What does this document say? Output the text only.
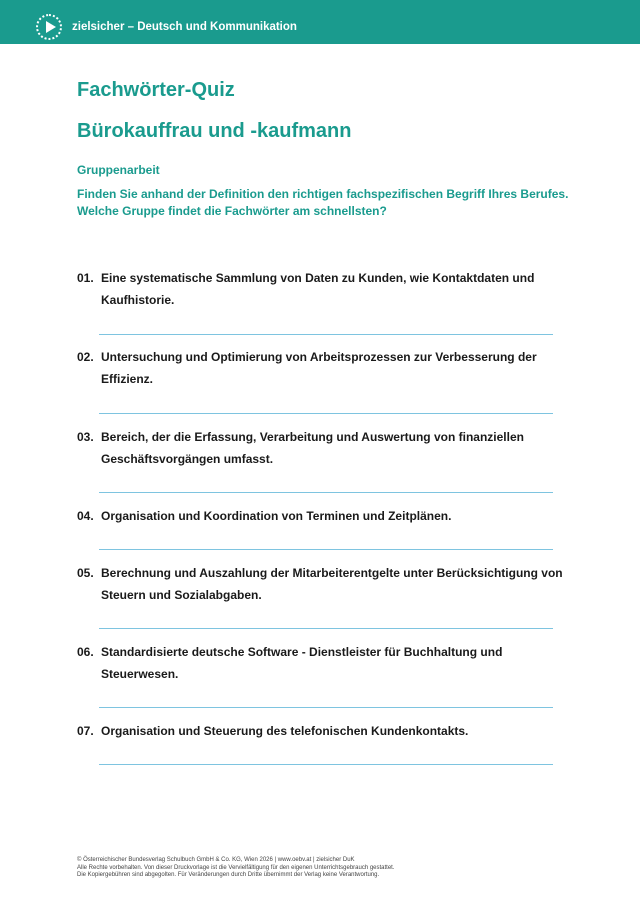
zielsicher – Deutsch und Kommunikation
Fachwörter-Quiz
Bürokauffrau und -kaufmann
Gruppenarbeit
Finden Sie anhand der Definition den richtigen fachspezifischen Begriff Ihres Berufes. Welche Gruppe findet die Fachwörter am schnellsten?
01. Eine systematische Sammlung von Daten zu Kunden, wie Kontaktdaten und Kaufhistorie.
02. Untersuchung und Optimierung von Arbeitsprozessen zur Verbesserung der Effizienz.
03. Bereich, der die Erfassung, Verarbeitung und Auswertung von finanziellen Geschäftsvorgängen umfasst.
04. Organisation und Koordination von Terminen und Zeitplänen.
05. Berechnung und Auszahlung der Mitarbeiterentgelte unter Berücksichtigung von Steuern und Sozialabgaben.
06. Standardisierte deutsche Software - Dienstleister für Buchhaltung und Steuerwesen.
07. Organisation und Steuerung des telefonischen Kundenkontakts.
© Österreichischer Bundesverlag Schulbuch GmbH & Co. KG, Wien 2026 | www.oebv.at | zielsicher DuK
Alle Rechte vorbehalten. Von dieser Druckvorlage ist die Vervielfältigung für den eigenen Unterrichtsgebrauch gestattet.
Die Kopiergebühren sind abgegolten. Für Veränderungen durch Dritte übernimmt der Verlag keine Verantwortung.
